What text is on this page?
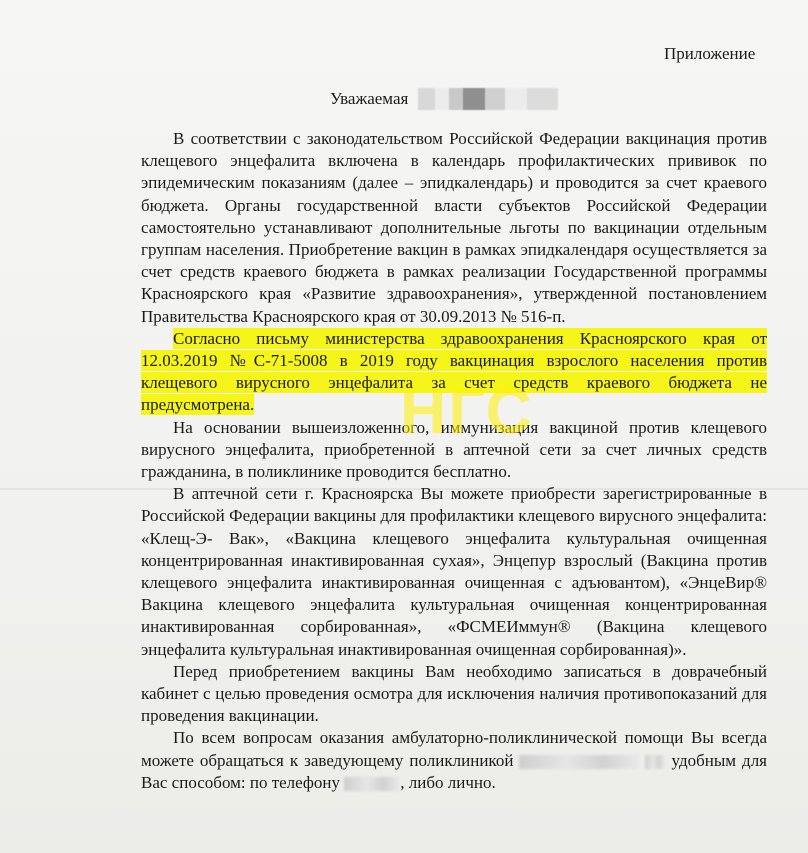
Приложение
Уважаемая

В соответствии с законодательством Российской Федерации вакцинация против клещевого энцефалита включена в календарь профилактических прививок по эпидемическим показаниям (далее – эпидкалендарь) и проводится за счет краевого бюджета. Органы государственной власти субъектов Российской Федерации самостоятельно устанавливают дополнительные льготы по вакцинации отдельным группам населения. Приобретение вакцин в рамках эпидкалендаря осуществляется за счет средств краевого бюджета в рамках реализации Государственной программы Красноярского края «Развитие здравоохранения», утвержденной постановлением Правительства Красноярского края от 30.09.2013 № 516-п.

Согласно письму министерства здравоохранения Красноярского края от 12.03.2019 №С-71-5008 в 2019 году вакцинация взрослого населения против клещевого вирусного энцефалита за счет средств краевого бюджета не предусмотрена.

На основании вышеизложенного, иммунизация вакциной против клещевого вирусного энцефалита, приобретенной в аптечной сети за счет личных средств гражданина, в поликлинике проводится бесплатно.

В аптечной сети г. Красноярска Вы можете приобрести зарегистрированные в Российской Федерации вакцины для профилактики клещевого вирусного энцефалита: «Клещ-Э- Вак», «Вакцина клещевого энцефалита культуральная очищенная концентрированная инактивированная сухая», Энцепур взрослый (Вакцина против клещевого энцефалита инактивированная очищенная с адъювантом), «ЭнцеВир® Вакцина клещевого энцефалита культуральная очищенная концентрированная инактивированная сорбированная», «ФСМЕИммун® (Вакцина клещевого энцефалита культуральная инактивированная очищенная сорбированная)».

Перед приобретением вакцины Вам необходимо записаться в доврачебный кабинет с целью проведения осмотра для исключения наличия противопоказаний для проведения вакцинации.

По всем вопросам оказания амбулаторно-поликлинической помощи Вы всегда можете обращаться к заведующему поликлиникой	удобным для Вас способом: по телефону	, либо лично.

НГС
